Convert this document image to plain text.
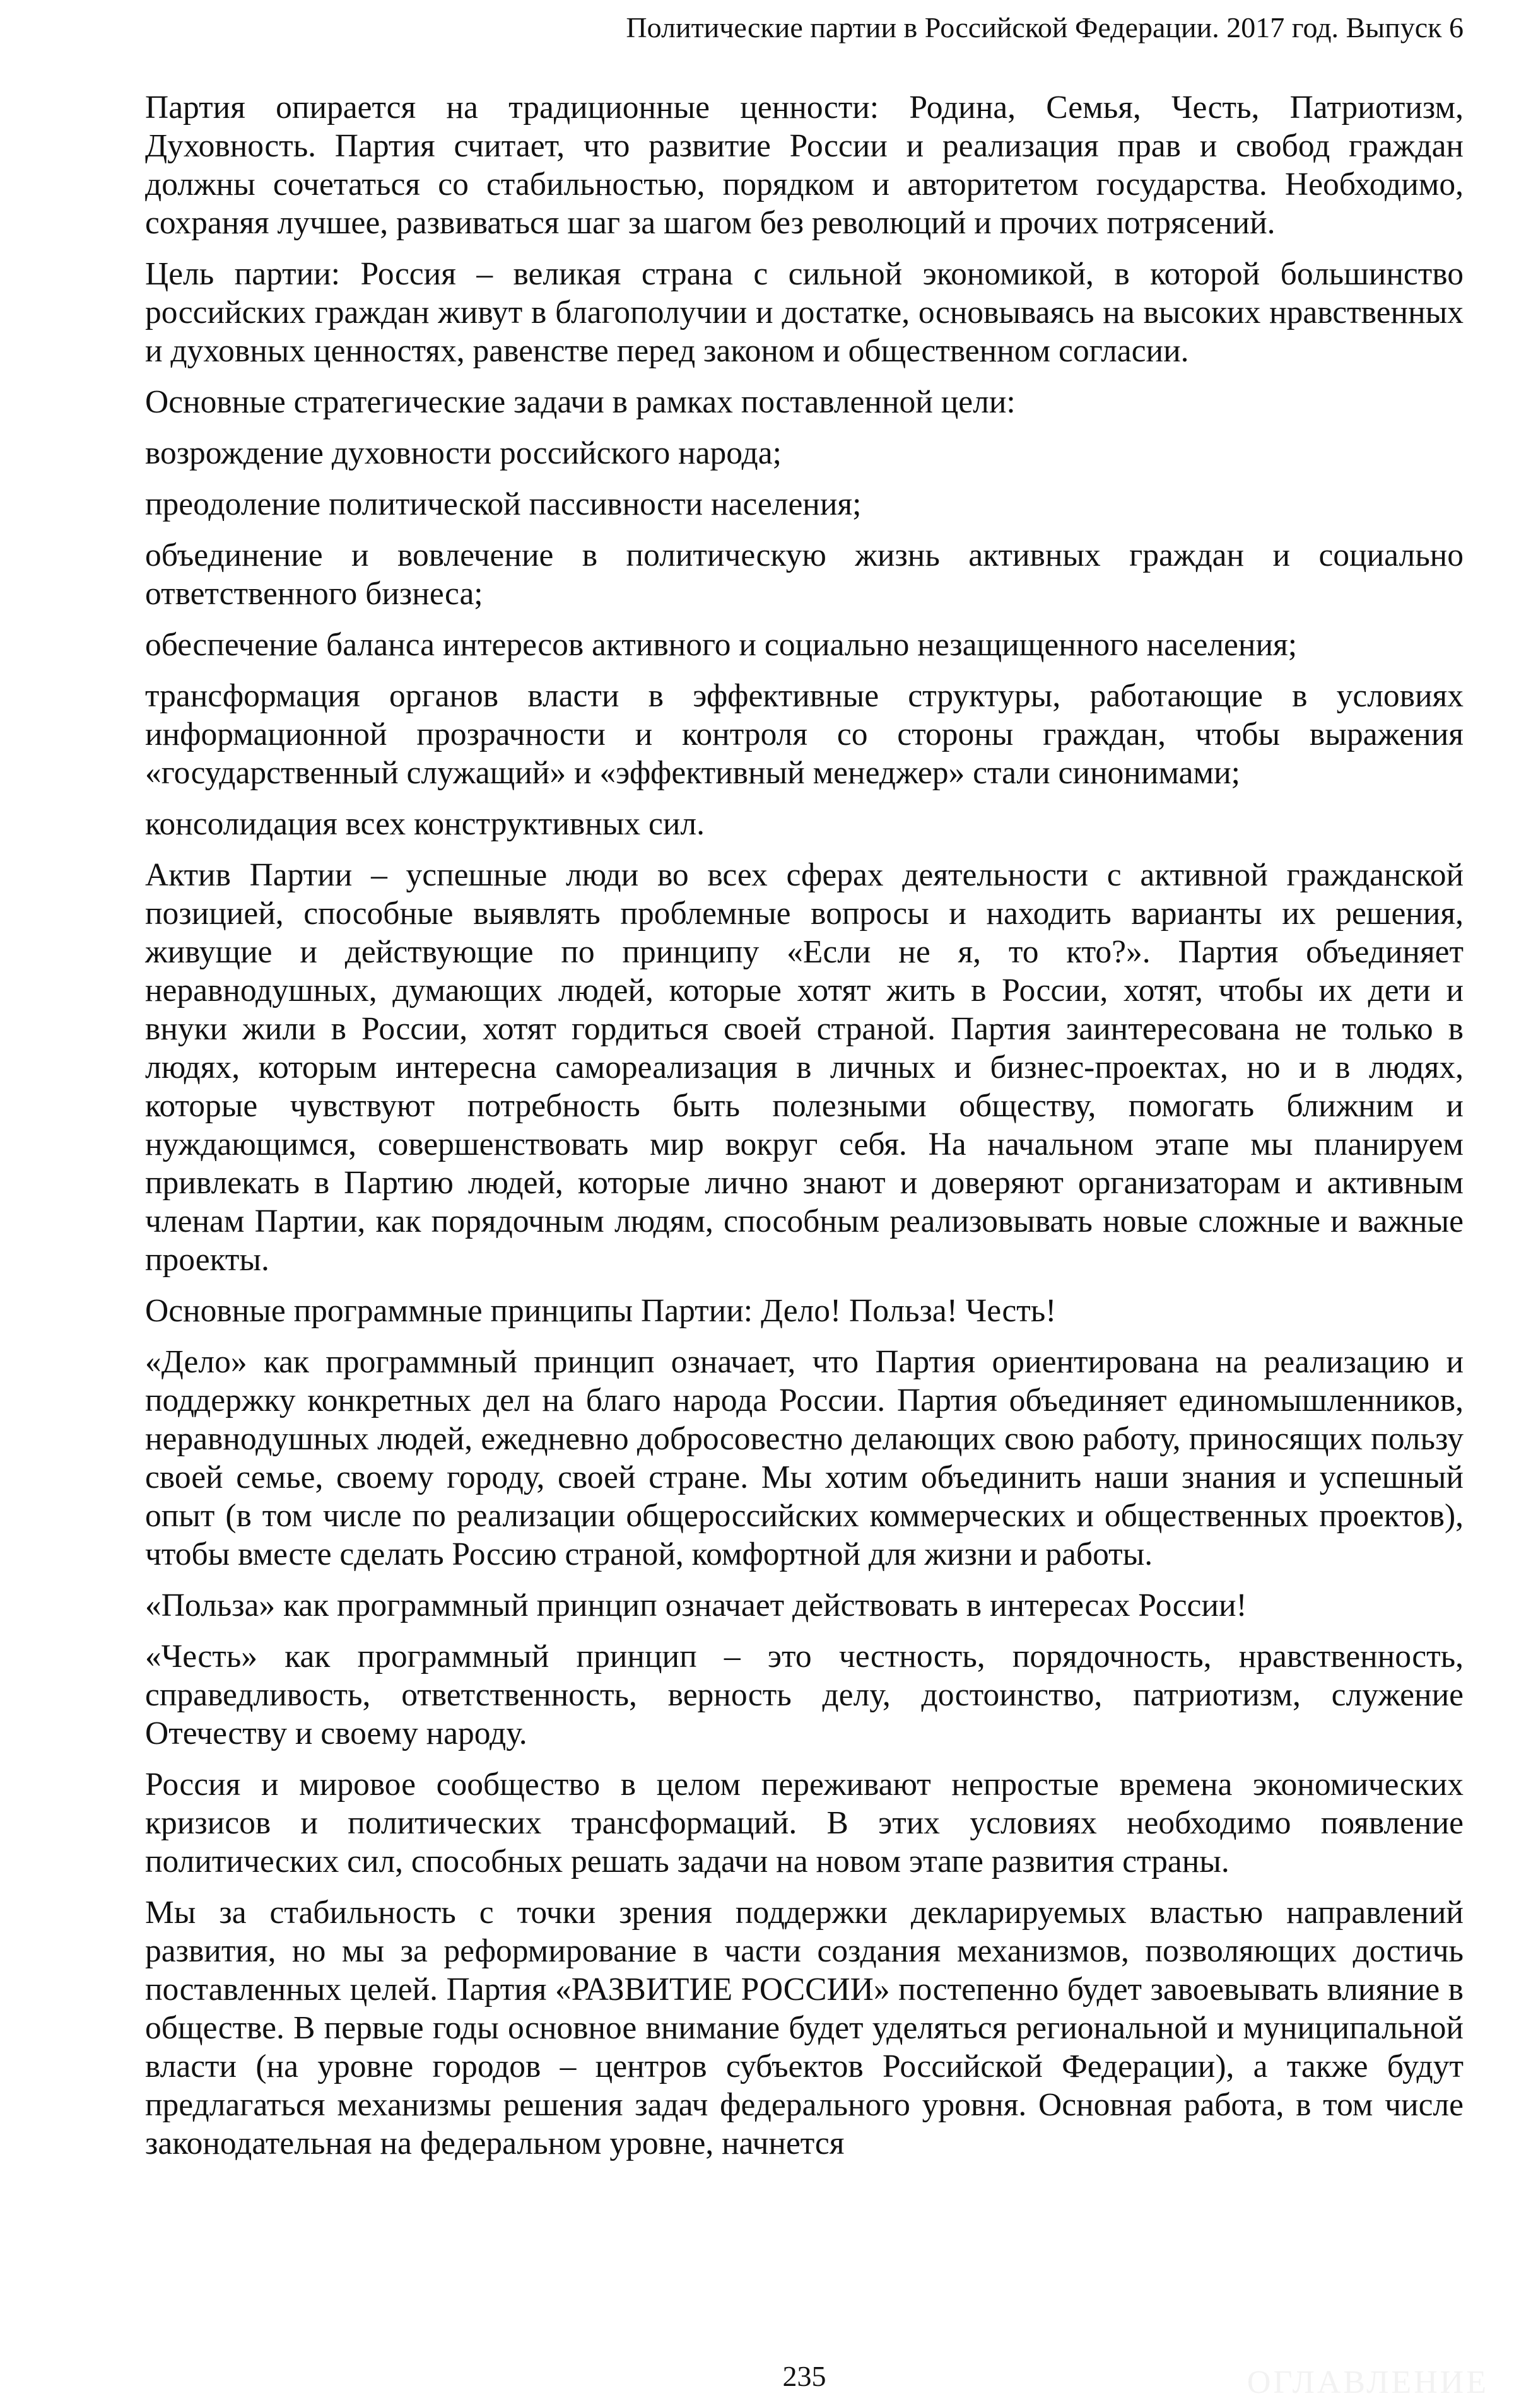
Политические партии в Российской Федерации. 2017 год. Выпуск 6

Партия опирается на традиционные ценности: Родина, Семья, Честь, Патриотизм, Духовность. Партия считает, что развитие России и реализация прав и свобод граждан должны сочетаться со стабильностью, порядком и авторитетом государства. Необходимо, сохраняя лучшее, развиваться шаг за шагом без революций и прочих потрясений.

Цель партии: Россия – великая страна с сильной экономикой, в которой большинство российских граждан живут в благополучии и достатке, основываясь на высоких нравственных и духовных ценностях, равенстве перед законом и общественном согласии.

Основные стратегические задачи в рамках поставленной цели:

возрождение духовности российского народа;

преодоление политической пассивности населения;

объединение и вовлечение в политическую жизнь активных граждан и социально ответственного бизнеса;

обеспечение баланса интересов активного и социально незащищенного населения;

трансформация органов власти в эффективные структуры, работающие в условиях информационной прозрачности и контроля со стороны граждан, чтобы выражения «государственный служащий» и «эффективный менеджер» стали синонимами;

консолидация всех конструктивных сил.

Актив Партии – успешные люди во всех сферах деятельности с активной гражданской позицией, способные выявлять проблемные вопросы и находить варианты их решения, живущие и действующие по принципу «Если не я, то кто?». Партия объединяет неравнодушных, думающих людей, которые хотят жить в России, хотят, чтобы их дети и внуки жили в России, хотят гордиться своей страной. Партия заинтересована не только в людях, которым интересна самореализация в личных и бизнес-проектах, но и в людях, которые чувствуют потребность быть полезными обществу, помогать ближним и нуждающимся, совершенствовать мир вокруг себя. На начальном этапе мы планируем привлекать в Партию людей, которые лично знают и доверяют организаторам и активным членам Партии, как порядочным людям, способным реализовывать новые сложные и важные проекты.

Основные программные принципы Партии: Дело! Польза! Честь!

«Дело» как программный принцип означает, что Партия ориентирована на реализацию и поддержку конкретных дел на благо народа России. Партия объединяет единомышленников, неравнодушных людей, ежедневно добросовестно делающих свою работу, приносящих пользу своей семье, своему городу, своей стране. Мы хотим объединить наши знания и успешный опыт (в том числе по реализации общероссийских коммерческих и общественных проектов), чтобы вместе сделать Россию страной, комфортной для жизни и работы.

«Польза» как программный принцип означает действовать в интересах России!

«Честь» как программный принцип – это честность, порядочность, нравственность, справедливость, ответственность, верность делу, достоинство, патриотизм, служение Отечеству и своему народу.

Россия и мировое сообщество в целом переживают непростые времена экономических кризисов и политических трансформаций. В этих условиях необходимо появление политических сил, способных решать задачи на новом этапе развития страны.

Мы за стабильность с точки зрения поддержки декларируемых властью направлений развития, но мы за реформирование в части создания механизмов, позволяющих достичь поставленных целей. Партия «РАЗВИТИЕ РОССИИ» постепенно будет завоевывать влияние в обществе. В первые годы основное внимание будет уделяться региональной и муниципальной власти (на уровне городов – центров субъектов Российской Федерации), а также будут предлагаться механизмы решения задач федерального уровня. Основная работа, в том числе законодательная на федеральном уровне, начнется

235	ОГЛАВЛЕНИЕ
